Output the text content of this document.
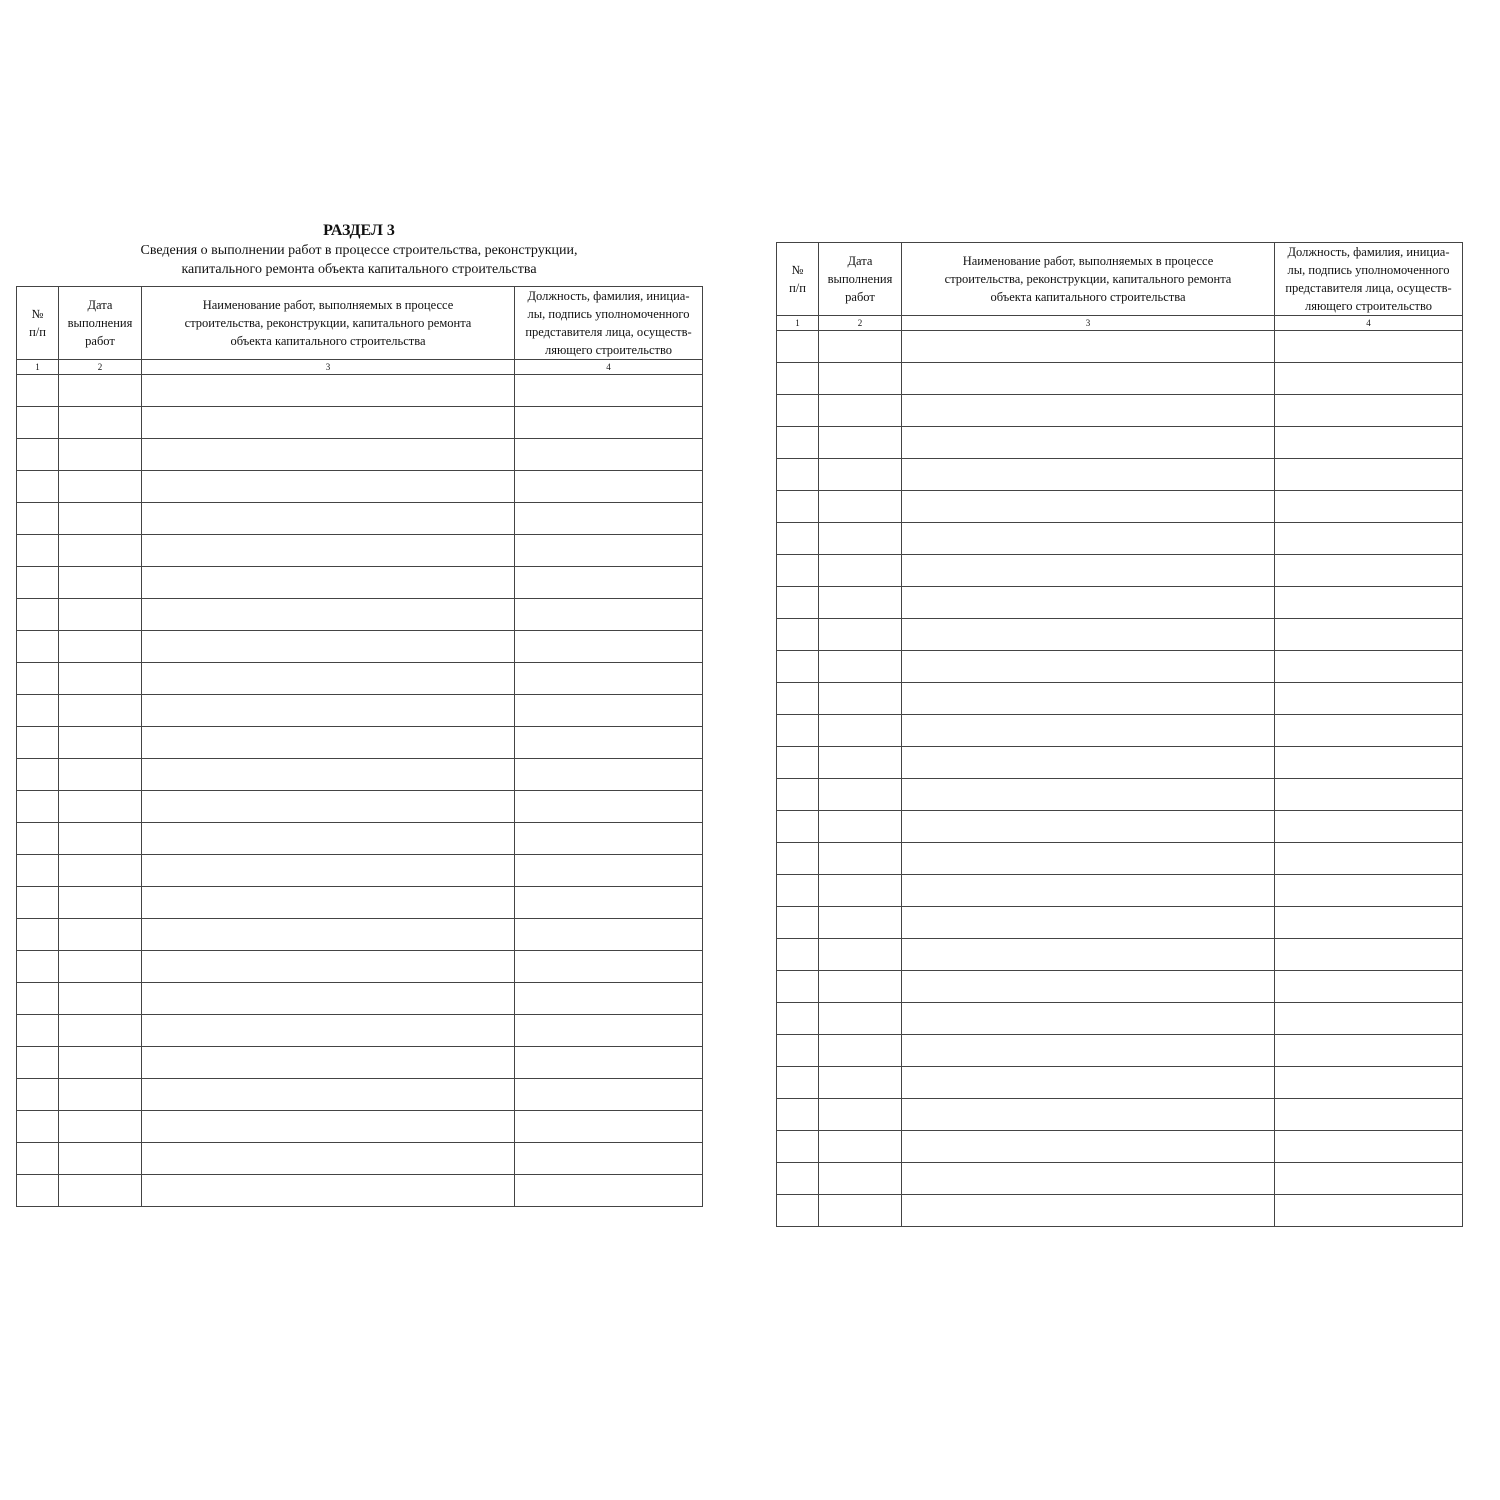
РАЗДЕЛ 3
Сведения о выполнении работ в процессе строительства, реконструкции,
капитального ремонта объекта капитального строительства
№
п/п	Дата
выполнения
работ	Наименование работ, выполняемых в процессе
строительства, реконструкции, капитального ремонта
объекта капитального строительства	Должность, фамилия, инициа-
лы, подпись уполномоченного
представителя лица, осуществ-
ляющего строительство
1	2	3	4

№
п/п	Дата
выполнения
работ	Наименование работ, выполняемых в процессе
строительства, реконструкции, капитального ремонта
объекта капитального строительства	Должность, фамилия, инициа-
лы, подпись уполномоченного
представителя лица, осуществ-
ляющего строительство
1	2	3	4
